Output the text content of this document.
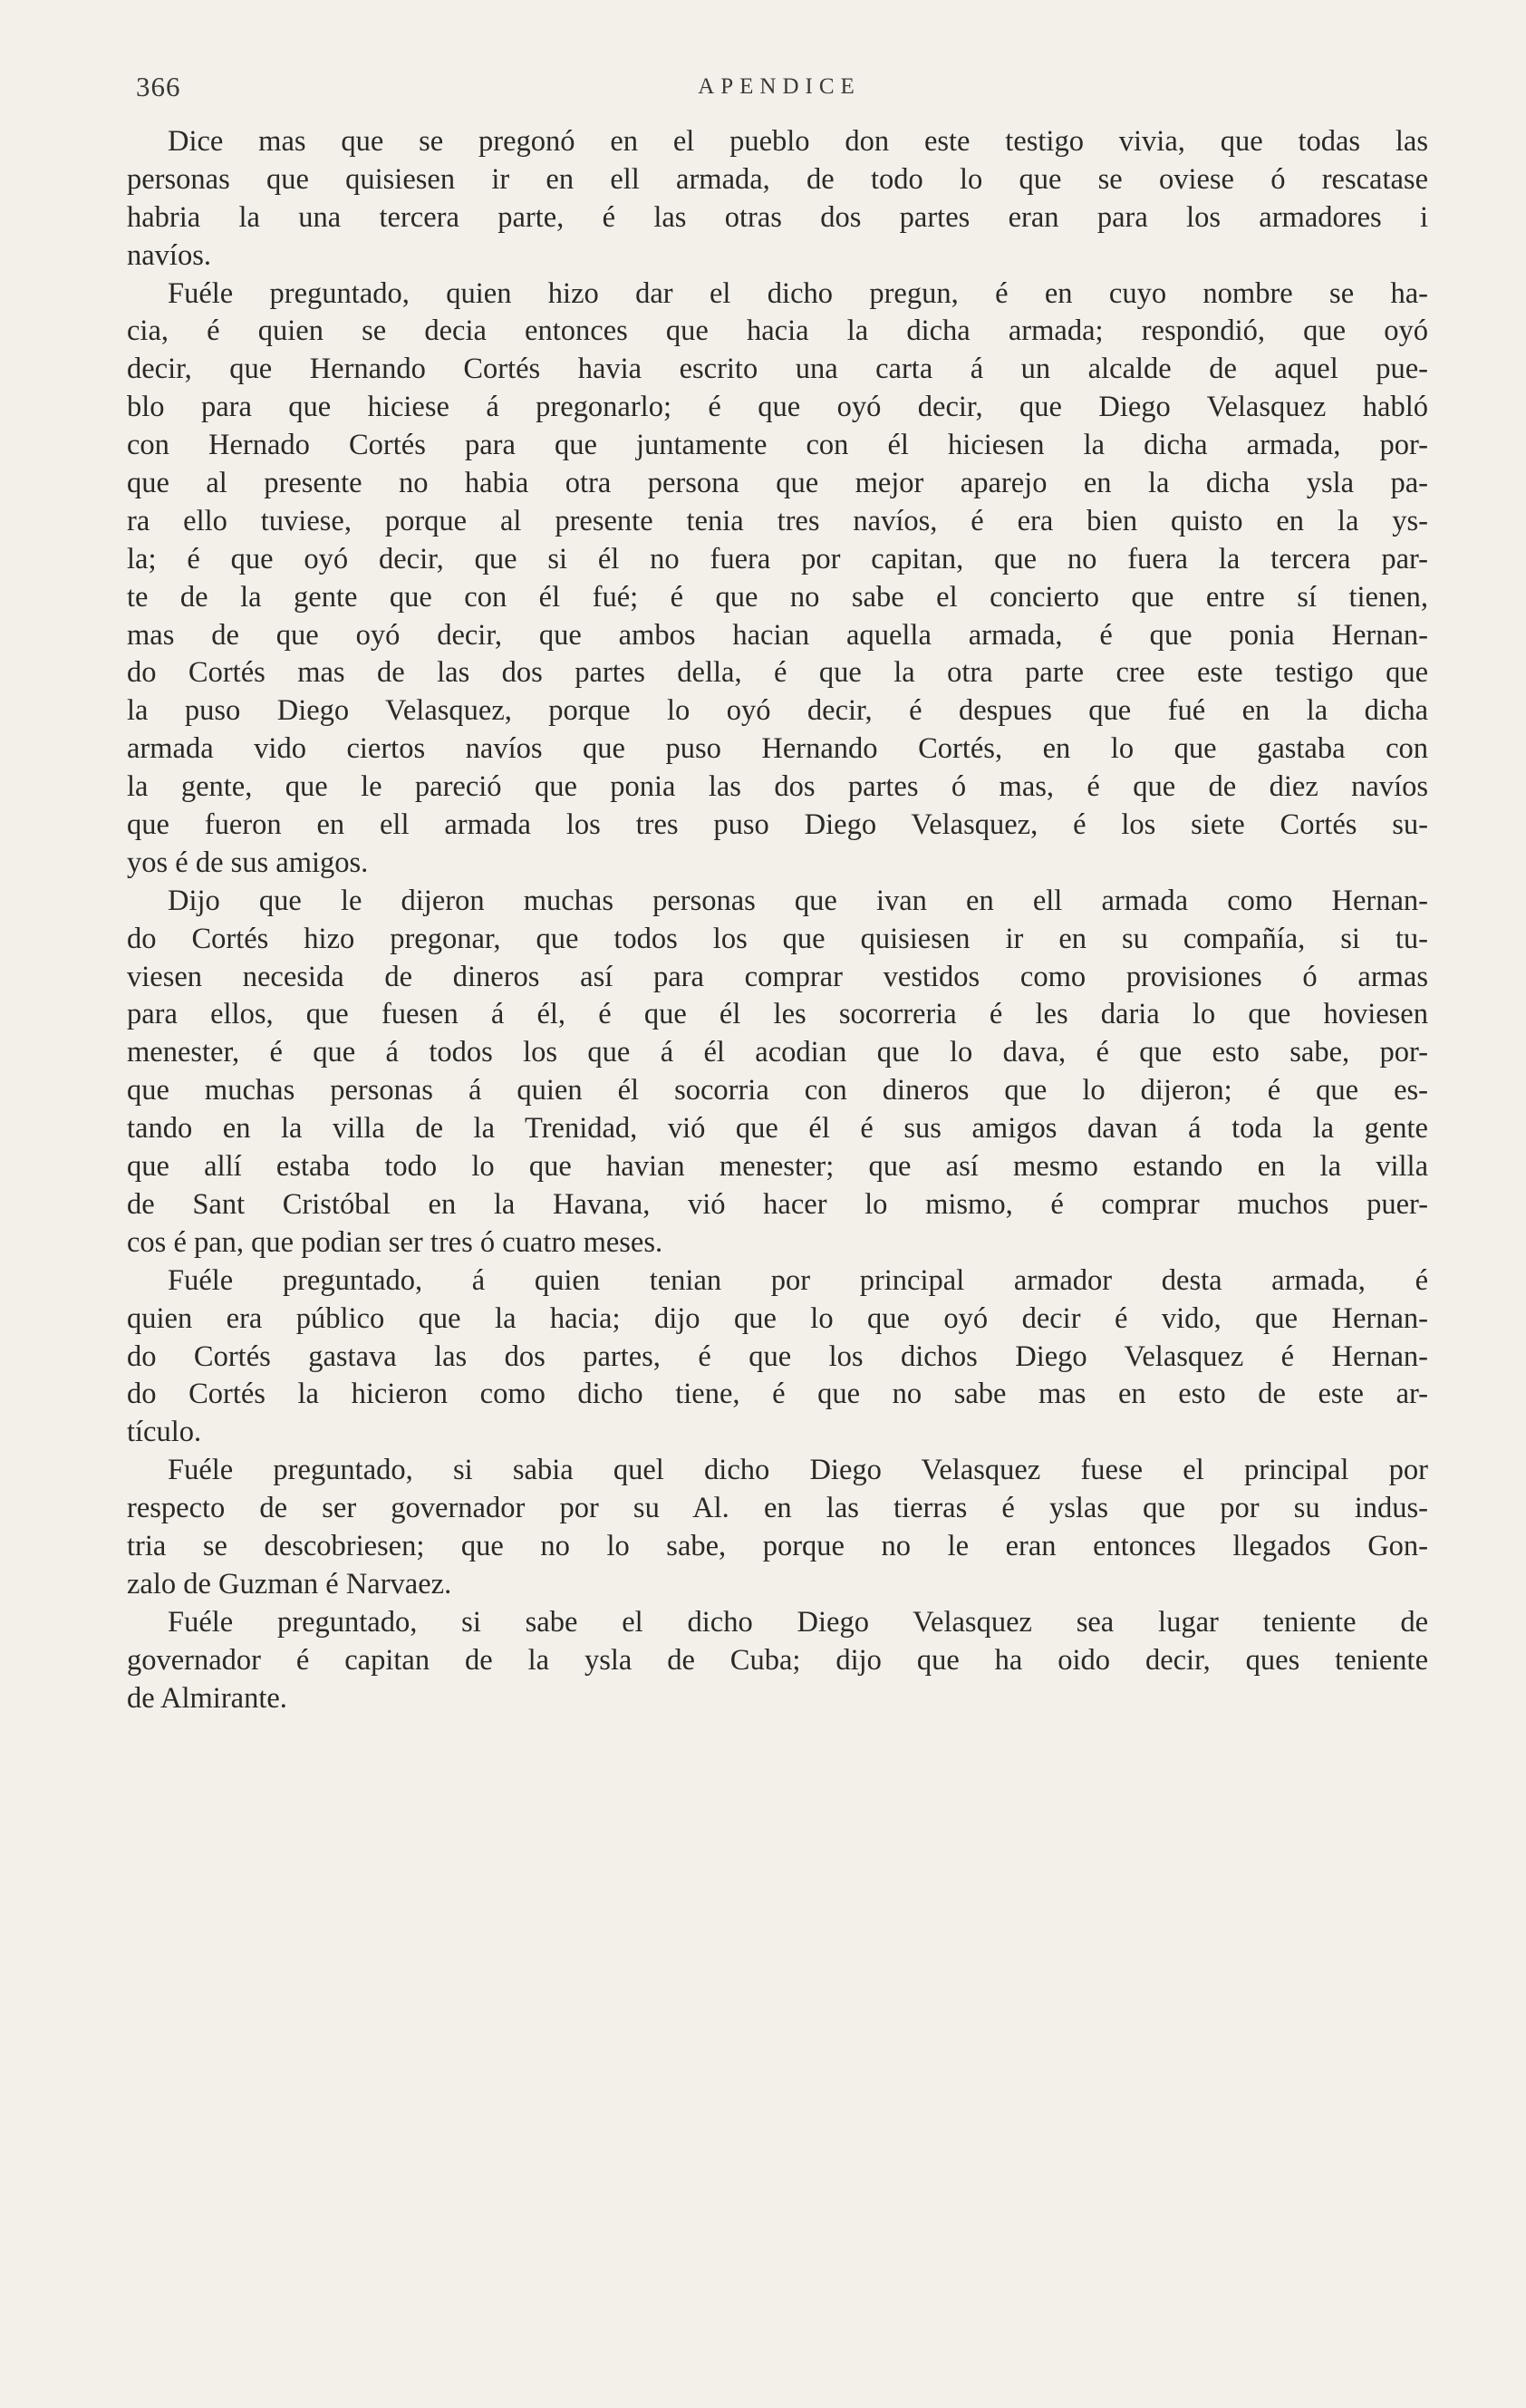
366	APENDICE
Dice mas que se pregonó en el pueblo don este testigo vivia, que todas las
personas que quisiesen ir en ell armada, de todo lo que se oviese ó rescatase
habria la una tercera parte, é las otras dos partes eran para los armadores i
navíos.
Fuéle preguntado, quien hizo dar el dicho pregun, é en cuyo nombre se ha-
cia, é quien se decia entonces que hacia la dicha armada; respondió, que oyó
decir, que Hernando Cortés havia escrito una carta á un alcalde de aquel pue-
blo para que hiciese á pregonarlo; é que oyó decir, que Diego Velasquez habló
con Hernado Cortés para que juntamente con él hiciesen la dicha armada, por-
que al presente no habia otra persona que mejor aparejo en la dicha ysla pa-
ra ello tuviese, porque al presente tenia tres navíos, é era bien quisto en la ys-
la; é que oyó decir, que si él no fuera por capitan, que no fuera la tercera par-
te de la gente que con él fué; é que no sabe el concierto que entre sí tienen,
mas de que oyó decir, que ambos hacian aquella armada, é que ponia Hernan-
do Cortés mas de las dos partes della, é que la otra parte cree este testigo que
la puso Diego Velasquez, porque lo oyó decir, é despues que fué en la dicha
armada vido ciertos navíos que puso Hernando Cortés, en lo que gastaba con
la gente, que le pareció que ponia las dos partes ó mas, é que de diez navíos
que fueron en ell armada los tres puso Diego Velasquez, é los siete Cortés su-
yos é de sus amigos.
Dijo que le dijeron muchas personas que ivan en ell armada como Hernan-
do Cortés hizo pregonar, que todos los que quisiesen ir en su compañía, si tu-
viesen necesida de dineros así para comprar vestidos como provisiones ó armas
para ellos, que fuesen á él, é que él les socorreria é les daria lo que hoviesen
menester, é que á todos los que á él acodian que lo dava, é que esto sabe, por-
que muchas personas á quien él socorria con dineros que lo dijeron; é que es-
tando en la villa de la Trenidad, vió que él é sus amigos davan á toda la gente
que allí estaba todo lo que havian menester; que así mesmo estando en la villa
de Sant Cristóbal en la Havana, vió hacer lo mismo, é comprar muchos puer-
cos é pan, que podian ser tres ó cuatro meses.
Fuéle preguntado, á quien tenian por principal armador desta armada, é
quien era público que la hacia; dijo que lo que oyó decir é vido, que Hernan-
do Cortés gastava las dos partes, é que los dichos Diego Velasquez é Hernan-
do Cortés la hicieron como dicho tiene, é que no sabe mas en esto de este ar-
tículo.
Fuéle preguntado, si sabia quel dicho Diego Velasquez fuese el principal por
respecto de ser governador por su Al. en las tierras é yslas que por su indus-
tria se descobriesen; que no lo sabe, porque no le eran entonces llegados Gon-
zalo de Guzman é Narvaez.
Fuéle preguntado, si sabe el dicho Diego Velasquez sea lugar teniente de
governador é capitan de la ysla de Cuba; dijo que ha oido decir, ques teniente
de Almirante.
